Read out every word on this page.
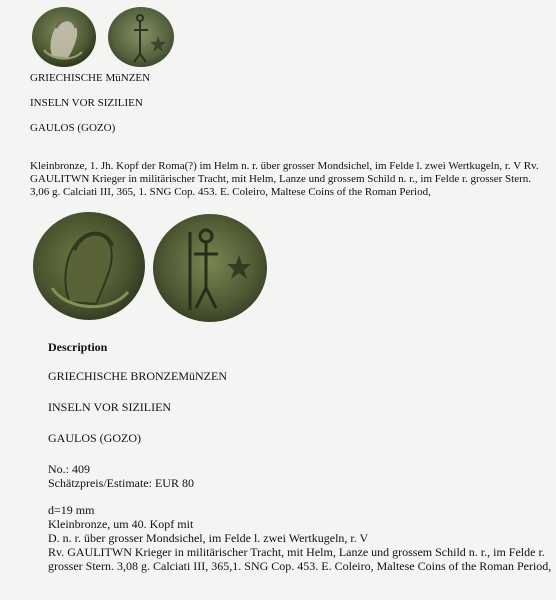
GRIECHISCHE MüNZEN

INSELN VOR SIZILIEN

GAULOS (GOZO)

Kleinbronze, 1. Jh. Kopf der Roma(?) im Helm n. r. über grosser Mondsichel, im Felde l. zwei Wertkugeln, r. V Rv. GAULITWN Krieger in militärischer Tracht, mit Helm, Lanze und grossem Schild n. r., im Felde r. grosser Stern. 3,06 g. Calciati III, 365, 1. SNG Cop. 453. E. Coleiro, Maltese Coins of the Roman Period,

Description

GRIECHISCHE BRONZEMüNZEN

INSELN VOR SIZILIEN

GAULOS (GOZO)

No.: 409

Schätzpreis/Estimate: EUR 80

d=19 mm

Kleinbronze, um 40. Kopf mit

D. n. r. über grosser Mondsichel, im Felde l. zwei Wertkugeln, r. V

Rv. GAULITWN Krieger in militärischer Tracht, mit Helm, Lanze und grossem Schild n. r., im Felde r. grosser Stern. 3,08 g. Calciati III, 365,1. SNG Cop. 453. E. Coleiro, Maltese Coins of the Roman Period,
